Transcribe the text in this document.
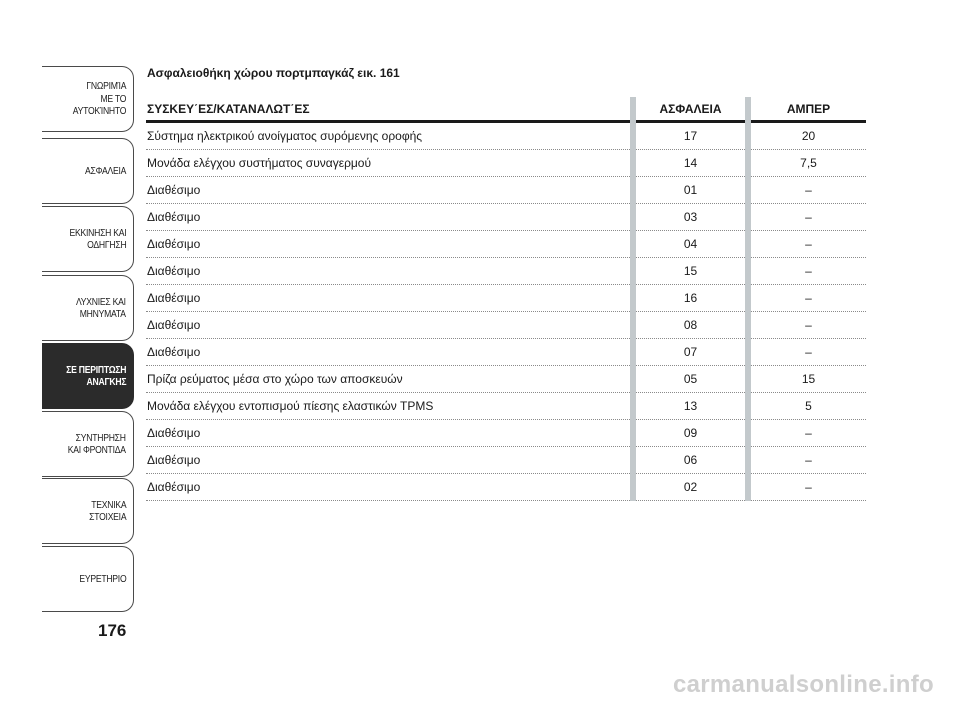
ΓΝΩΡΙΜΊΑ
ΜΕ ΤΟ
ΑΥΤΟΚΊΝΗΤΟ
ΑΣΦΑΛΕΙΑ
ΕΚΚΙΝΗΣΗ ΚΑΙ
ΟΔΗΓΗΣΗ
ΛΥΧΝΙΕΣ ΚΑΙ
ΜΗΝΥΜΑΤΑ
ΣΕ ΠΕΡΙΠΤΩΣΗ
ΑΝΑΓΚΗΣ
ΣΥΝΤΗΡΗΣΗ
ΚΑΙ ΦΡΟΝΤΙΔΑ
ΤΕΧΝΙΚΑ
ΣΤΟΙΧΕΙΑ
ΕΥΡΕΤΗΡΙΟ
176
Ασφαλειοθήκη χώρου πορτμπαγκάζ εικ. 161
ΣΥΣΚΕΥ΄ΕΣ/ΚΑΤΑΝΑΛΩΤ΄ΕΣ		ΑΣΦΑΛΕΙΑ		ΑΜΠΕΡ
Σύστημα ηλεκτρικού ανοίγματος συρόμενης οροφής		17		20
Μονάδα ελέγχου συστήματος συναγερμού		14		7,5
Διαθέσιμο		01		–
Διαθέσιμο		03		–
Διαθέσιμο		04		–
Διαθέσιμο		15		–
Διαθέσιμο		16		–
Διαθέσιμο		08		–
Διαθέσιμο		07		–
Πρίζα ρεύματος μέσα στο χώρο των αποσκευών		05		15
Μονάδα ελέγχου εντοπισμού πίεσης ελαστικών TPMS		13		5
Διαθέσιμο		09		–
Διαθέσιμο		06		–
Διαθέσιμο		02		–
carmanualsonline.info
